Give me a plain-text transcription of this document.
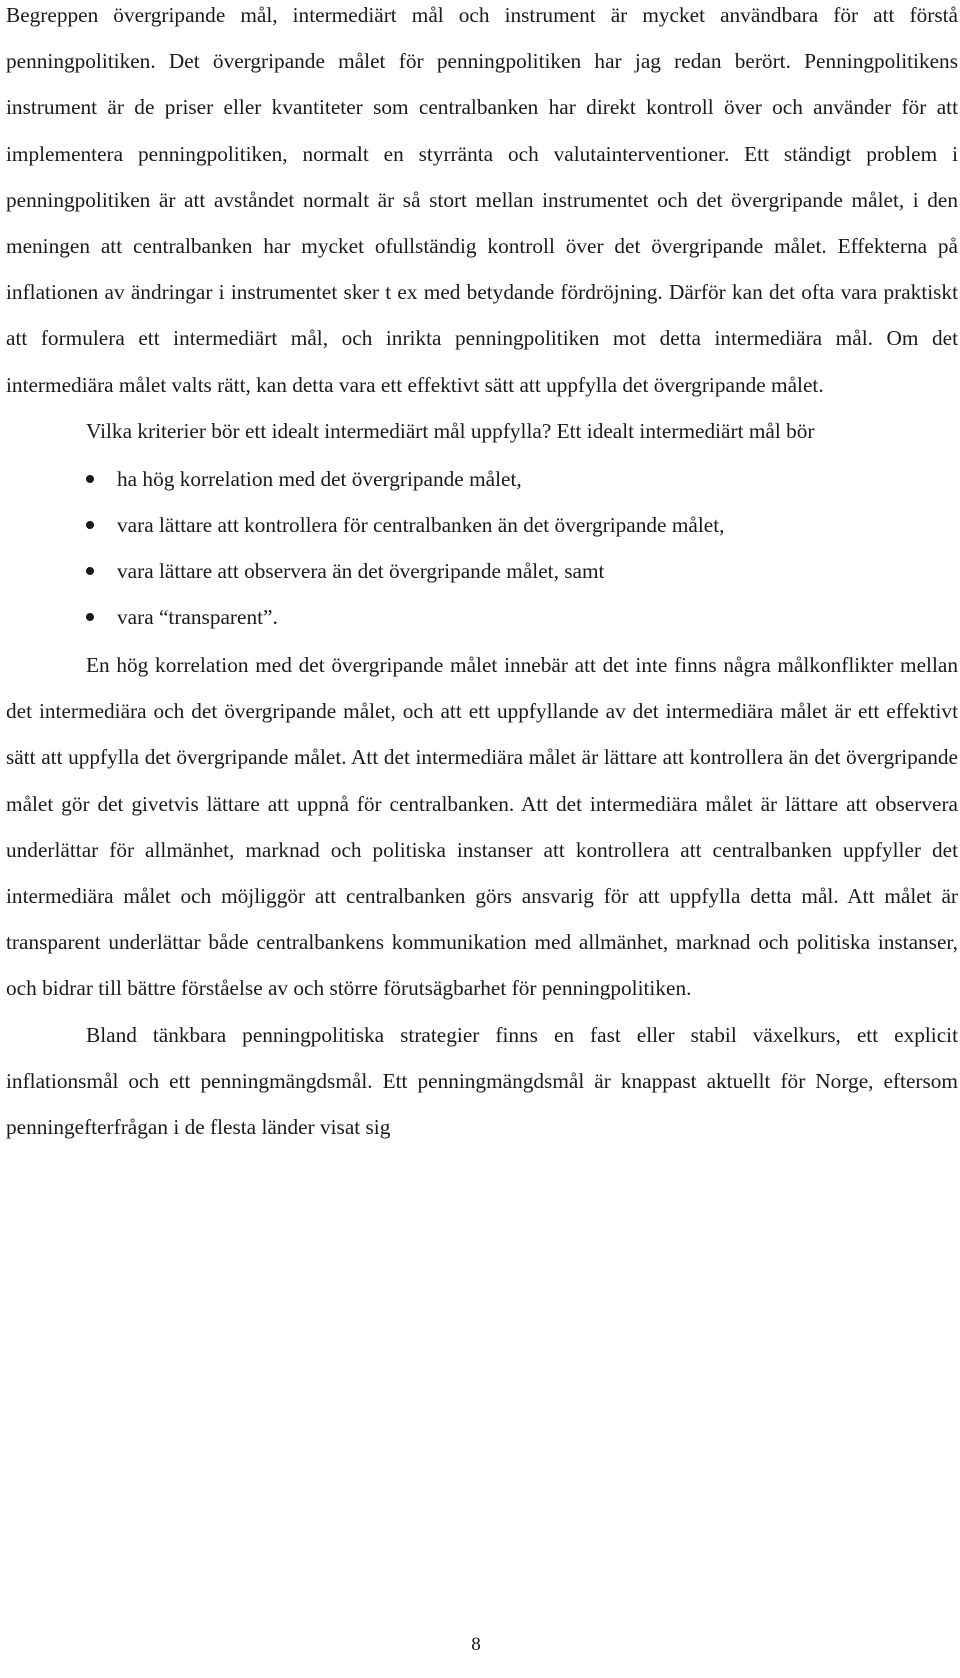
Begreppen övergripande mål, intermediärt mål och instrument är mycket användbara för att förstå penningpolitiken. Det övergripande målet för penningpolitiken har jag redan berört. Penningpolitikens instrument är de priser eller kvantiteter som centralbanken har direkt kontroll över och använder för att implementera penningpolitiken, normalt en styrränta och valutainterventioner. Ett ständigt problem i penningpolitiken är att avståndet normalt är så stort mellan instrumentet och det övergripande målet, i den meningen att centralbanken har mycket ofullständig kontroll över det övergripande målet. Effekterna på inflationen av ändringar i instrumentet sker t ex med betydande fördröjning. Därför kan det ofta vara praktiskt att formulera ett intermediärt mål, och inrikta penningpolitiken mot detta intermediära mål. Om det intermediära målet valts rätt, kan detta vara ett effektivt sätt att uppfylla det övergripande målet.

Vilka kriterier bör ett idealt intermediärt mål uppfylla? Ett idealt intermediärt mål bör

ha hög korrelation med det övergripande målet,
vara lättare att kontrollera för centralbanken än det övergripande målet,
vara lättare att observera än det övergripande målet, samt
vara “transparent”.

En hög korrelation med det övergripande målet innebär att det inte finns några målkonflikter mellan det intermediära och det övergripande målet, och att ett uppfyllande av det intermediära målet är ett effektivt sätt att uppfylla det övergripande målet. Att det intermediära målet är lättare att kontrollera än det övergripande målet gör det givetvis lättare att uppnå för centralbanken. Att det intermediära målet är lättare att observera underlättar för allmänhet, marknad och politiska instanser att kontrollera att centralbanken uppfyller det intermediära målet och möjliggör att centralbanken görs ansvarig för att uppfylla detta mål. Att målet är transparent underlättar både centralbankens kommunikation med allmänhet, marknad och politiska instanser, och bidrar till bättre förståelse av och större förutsägbarhet för penningpolitiken.

Bland tänkbara penningpolitiska strategier finns en fast eller stabil växelkurs, ett explicit inflationsmål och ett penningmängdsmål. Ett penningmängdsmål är knappast aktuellt för Norge, eftersom penningefterfrågan i de flesta länder visat sig

8
